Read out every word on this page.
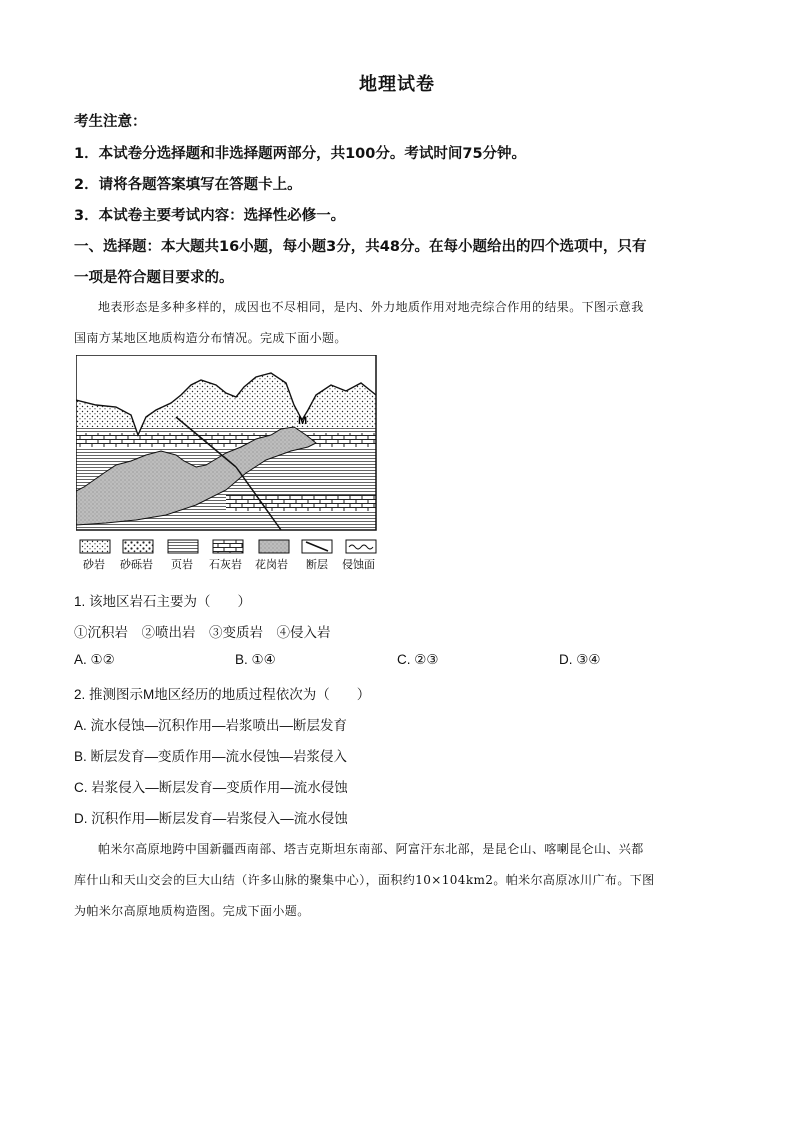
地理试卷
考生注意：
1．本试卷分选择题和非选择题两部分，共100分。考试时间75分钟。
2．请将各题答案填写在答题卡上。
3．本试卷主要考试内容：选择性必修一。
一、选择题：本大题共16小题，每小题3分，共48分。在每小题给出的四个选项中，只有
一项是符合题目要求的。
地表形态是多种多样的，成因也不尽相同，是内、外力地质作用对地壳综合作用的结果。下图示意我
国南方某地区地质构造分布情况。完成下面小题。
M
砂岩 砂砾岩 页岩 石灰岩 花岗岩 断层 侵蚀面
1. 该地区岩石主要为（　　）
①沉积岩　②喷出岩　③变质岩　④侵入岩
A. ①②	B. ①④	C. ②③	D. ③④
2. 推测图示M地区经历的地质过程依次为（　　）
A. 流水侵蚀—沉积作用—岩浆喷出—断层发育
B. 断层发育—变质作用—流水侵蚀—岩浆侵入
C. 岩浆侵入—断层发育—变质作用—流水侵蚀
D. 沉积作用—断层发育—岩浆侵入—流水侵蚀
帕米尔高原地跨中国新疆西南部、塔吉克斯坦东南部、阿富汗东北部，是昆仑山、喀喇昆仑山、兴都
库什山和天山交会的巨大山结（许多山脉的聚集中心），面积约10×104km2。帕米尔高原冰川广布。下图
为帕米尔高原地质构造图。完成下面小题。
